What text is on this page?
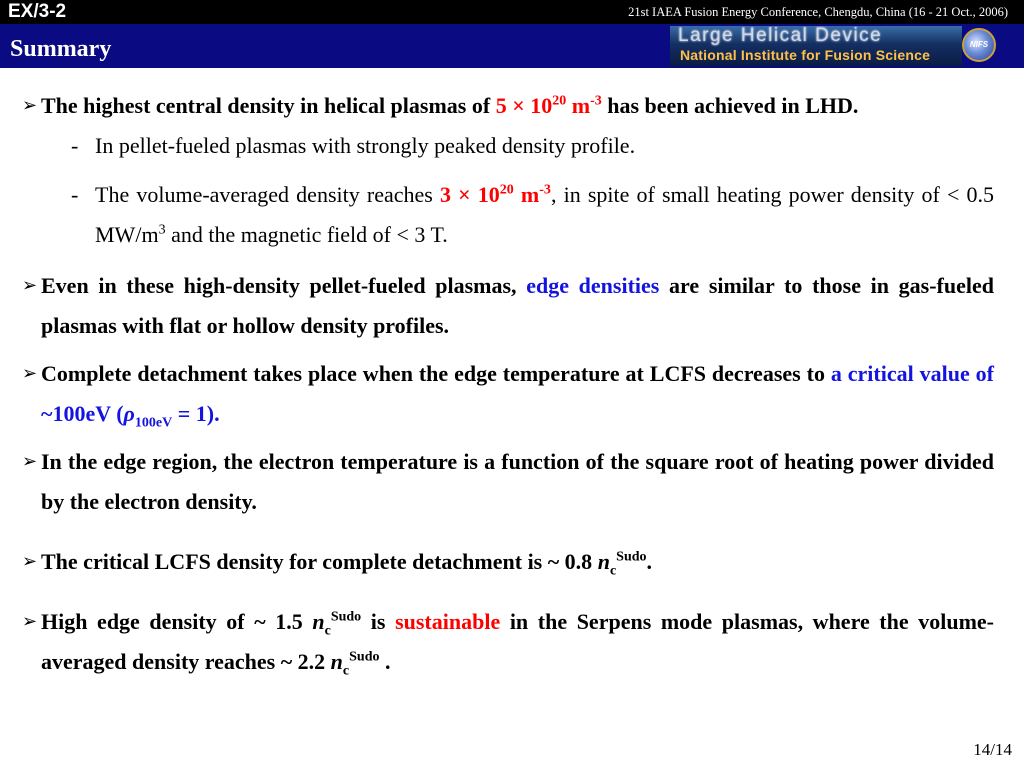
EX/3-2	21st IAEA Fusion Energy Conference, Chengdu, China (16 - 21 Oct., 2006)
Summary
Large Helical Device
National Institute for Fusion Science
NIFS
➢ The highest central density in helical plasmas of $5 \times 10^{20}$ $m^{-3}$ has been achieved in LHD.
- In pellet-fueled plasmas with strongly peaked density profile.
- The volume-averaged density reaches $3 \times 10^{20}$ $m^{-3}$, in spite of small heating power density of < 0.5 $MW/m^3$ and the magnetic field of < 3 T.
➢ Even in these high-density pellet-fueled plasmas, edge densities are similar to those in gas-fueled plasmas with flat or hollow density profiles.
➢ Complete detachment takes place when the edge temperature at LCFS decreases to a critical value of ~100eV $(\rho_{100eV} = 1)$.
➢ In the edge region, the electron temperature is a function of the square root of heating power divided by the electron density.
➢ The critical LCFS density for complete detachment is ~ 0.8 $n_c^{Sudo}$.
➢ High edge density of ~ 1.5 $n_c^{Sudo}$ is sustainable in the Serpens mode plasmas, where the volume-averaged density reaches ~ 2.2 $n_c^{Sudo}$ .
14/14
